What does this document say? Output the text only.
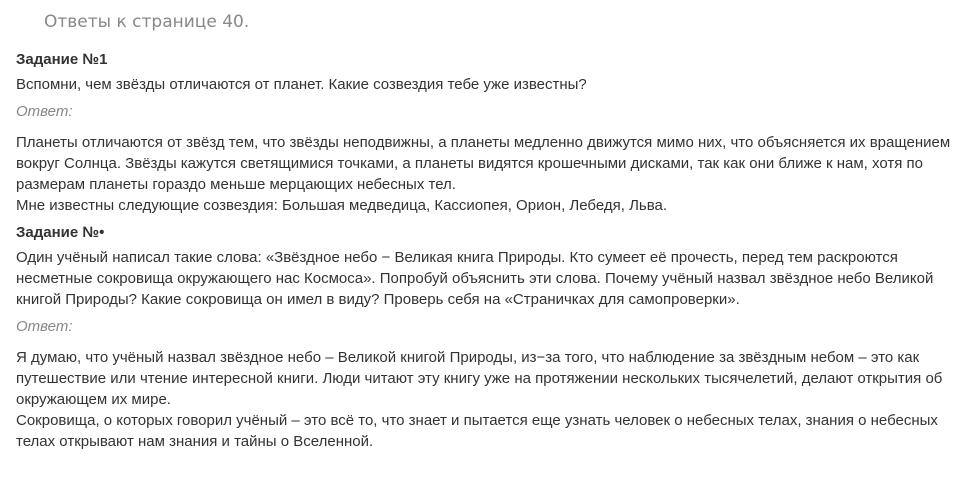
Ответы к странице 40.
Задание №1
Вспомни, чем звёзды отличаются от планет. Какие созвездия тебе уже известны?
Ответ:

Планеты отличаются от звёзд тем, что звёзды неподвижны, а планеты медленно движутся мимо них, что объясняется их вращением вокруг Солнца. Звёзды кажутся светящимися точками, а планеты видятся крошечными дисками, так как они ближе к нам, хотя по размерам планеты гораздо меньше мерцающих небесных тел.

Мне известны следующие созвездия: Большая медведица, Кассиопея, Орион, Лебедя, Льва.

Задание №•
Один учёный написал такие слова: «Звёздное небо − Великая книга Природы. Кто сумеет её прочесть, перед тем раскроются несметные сокровища окружающего нас Космоса». Попробуй объяснить эти слова. Почему учёный назвал звёздное небо Великой книгой Природы? Какие сокровища он имел в виду? Проверь себя на «Страничках для самопроверки».
Ответ:

Я думаю, что учёный назвал звёздное небо – Великой книгой Природы, из−за того, что наблюдение за звёздным небом – это как путешествие или чтение интересной книги. Люди читают эту книгу уже на протяжении нескольких тысячелетий, делают открытия об окружающем их мире.

Сокровища, о которых говорил учёный – это всё то, что знает и пытается еще узнать человек о небесных телах, знания о небесных телах открывают нам знания и тайны о Вселенной.
